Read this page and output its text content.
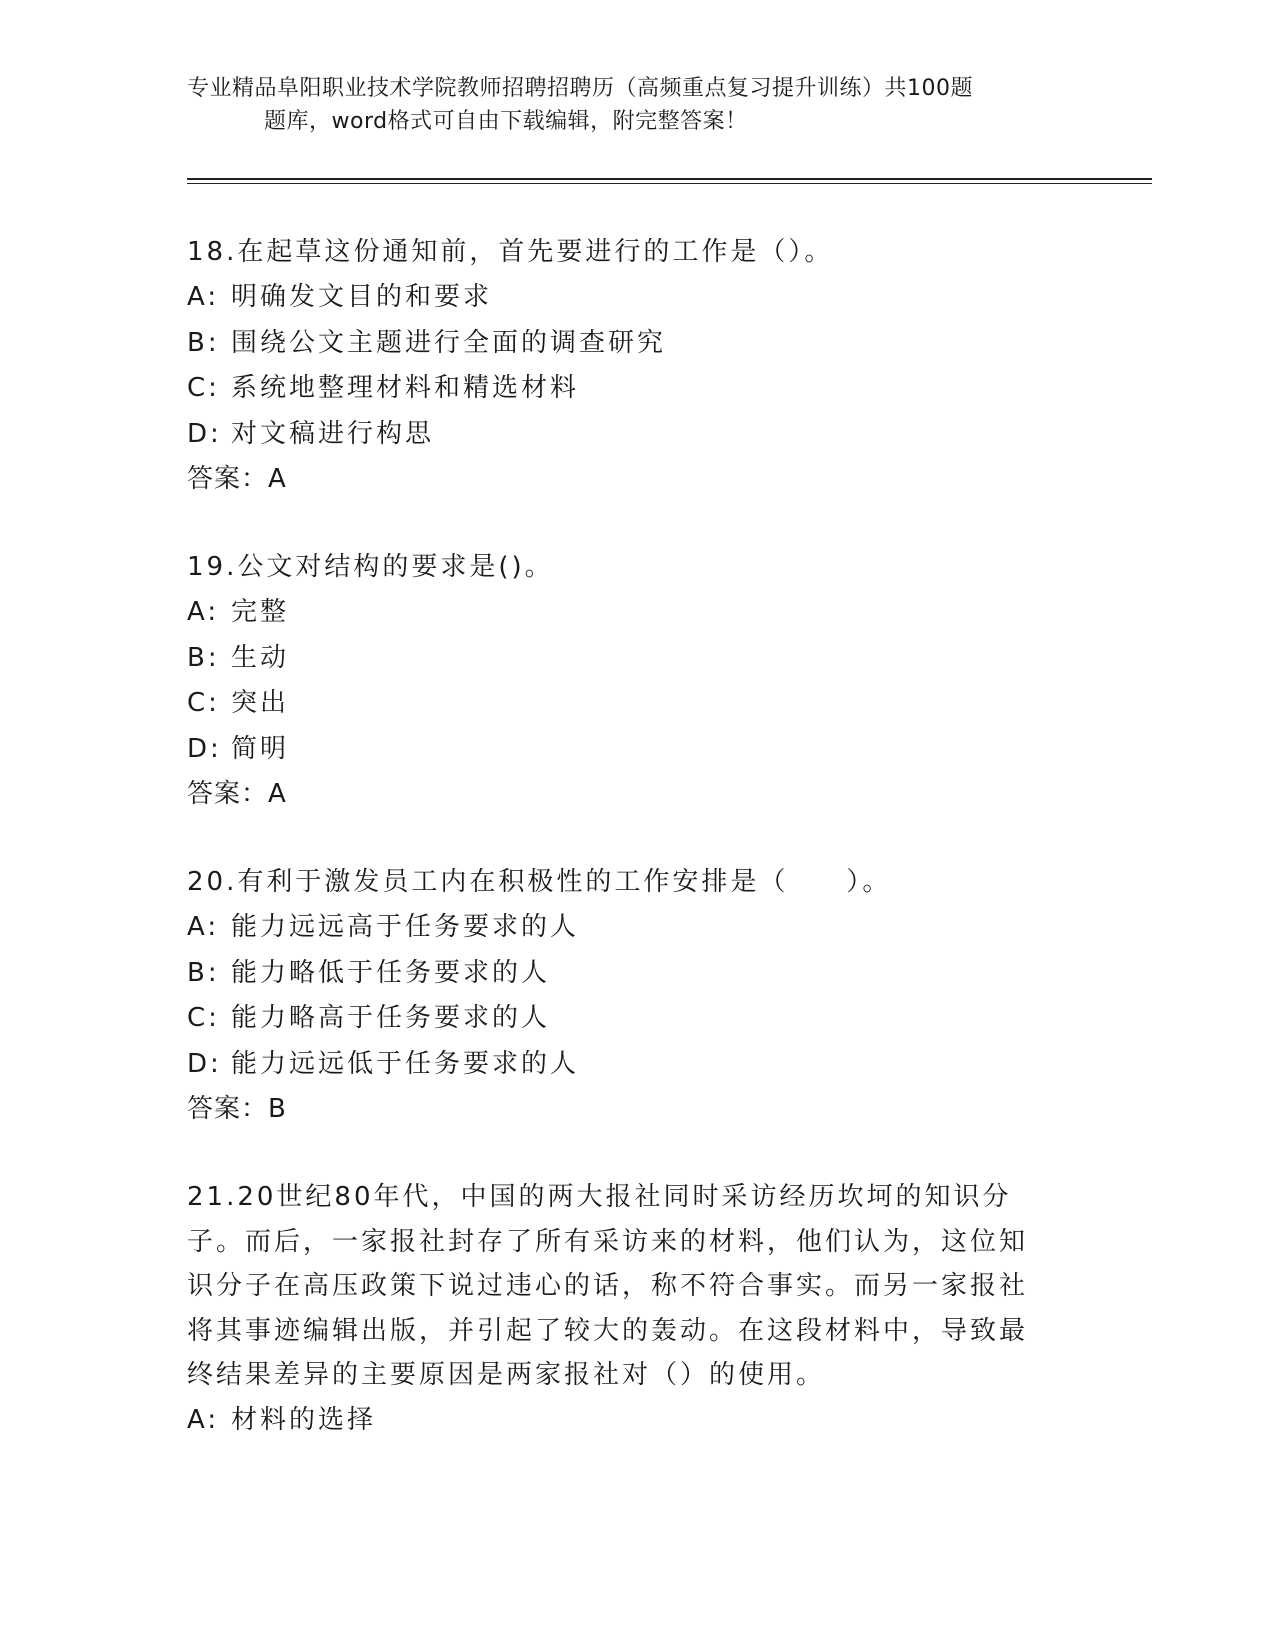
专业精品阜阳职业技术学院教师招聘招聘历（高频重点复习提升训练）共100题
题库，word格式可自由下载编辑，附完整答案！

18.在起草这份通知前，首先要进行的工作是（）。

A: 明确发文目的和要求

B: 围绕公文主题进行全面的调查研究

C: 系统地整理材料和精选材料

D: 对文稿进行构思

答案：A

19.公文对结构的要求是()。

A: 完整

B: 生动

C: 突出

D: 简明

答案：A

20.有利于激发员工内在积极性的工作安排是（　　）。

A: 能力远远高于任务要求的人

B: 能力略低于任务要求的人

C: 能力略高于任务要求的人

D: 能力远远低于任务要求的人

答案：B

21.20世纪80年代，中国的两大报社同时采访经历坎坷的知识分子。而后，一家报社封存了所有采访来的材料，他们认为，这位知识分子在高压政策下说过违心的话，称不符合事实。而另一家报社将其事迹编辑出版，并引起了较大的轰动。在这段材料中，导致最终结果差异的主要原因是两家报社对（）的使用。

A: 材料的选择
